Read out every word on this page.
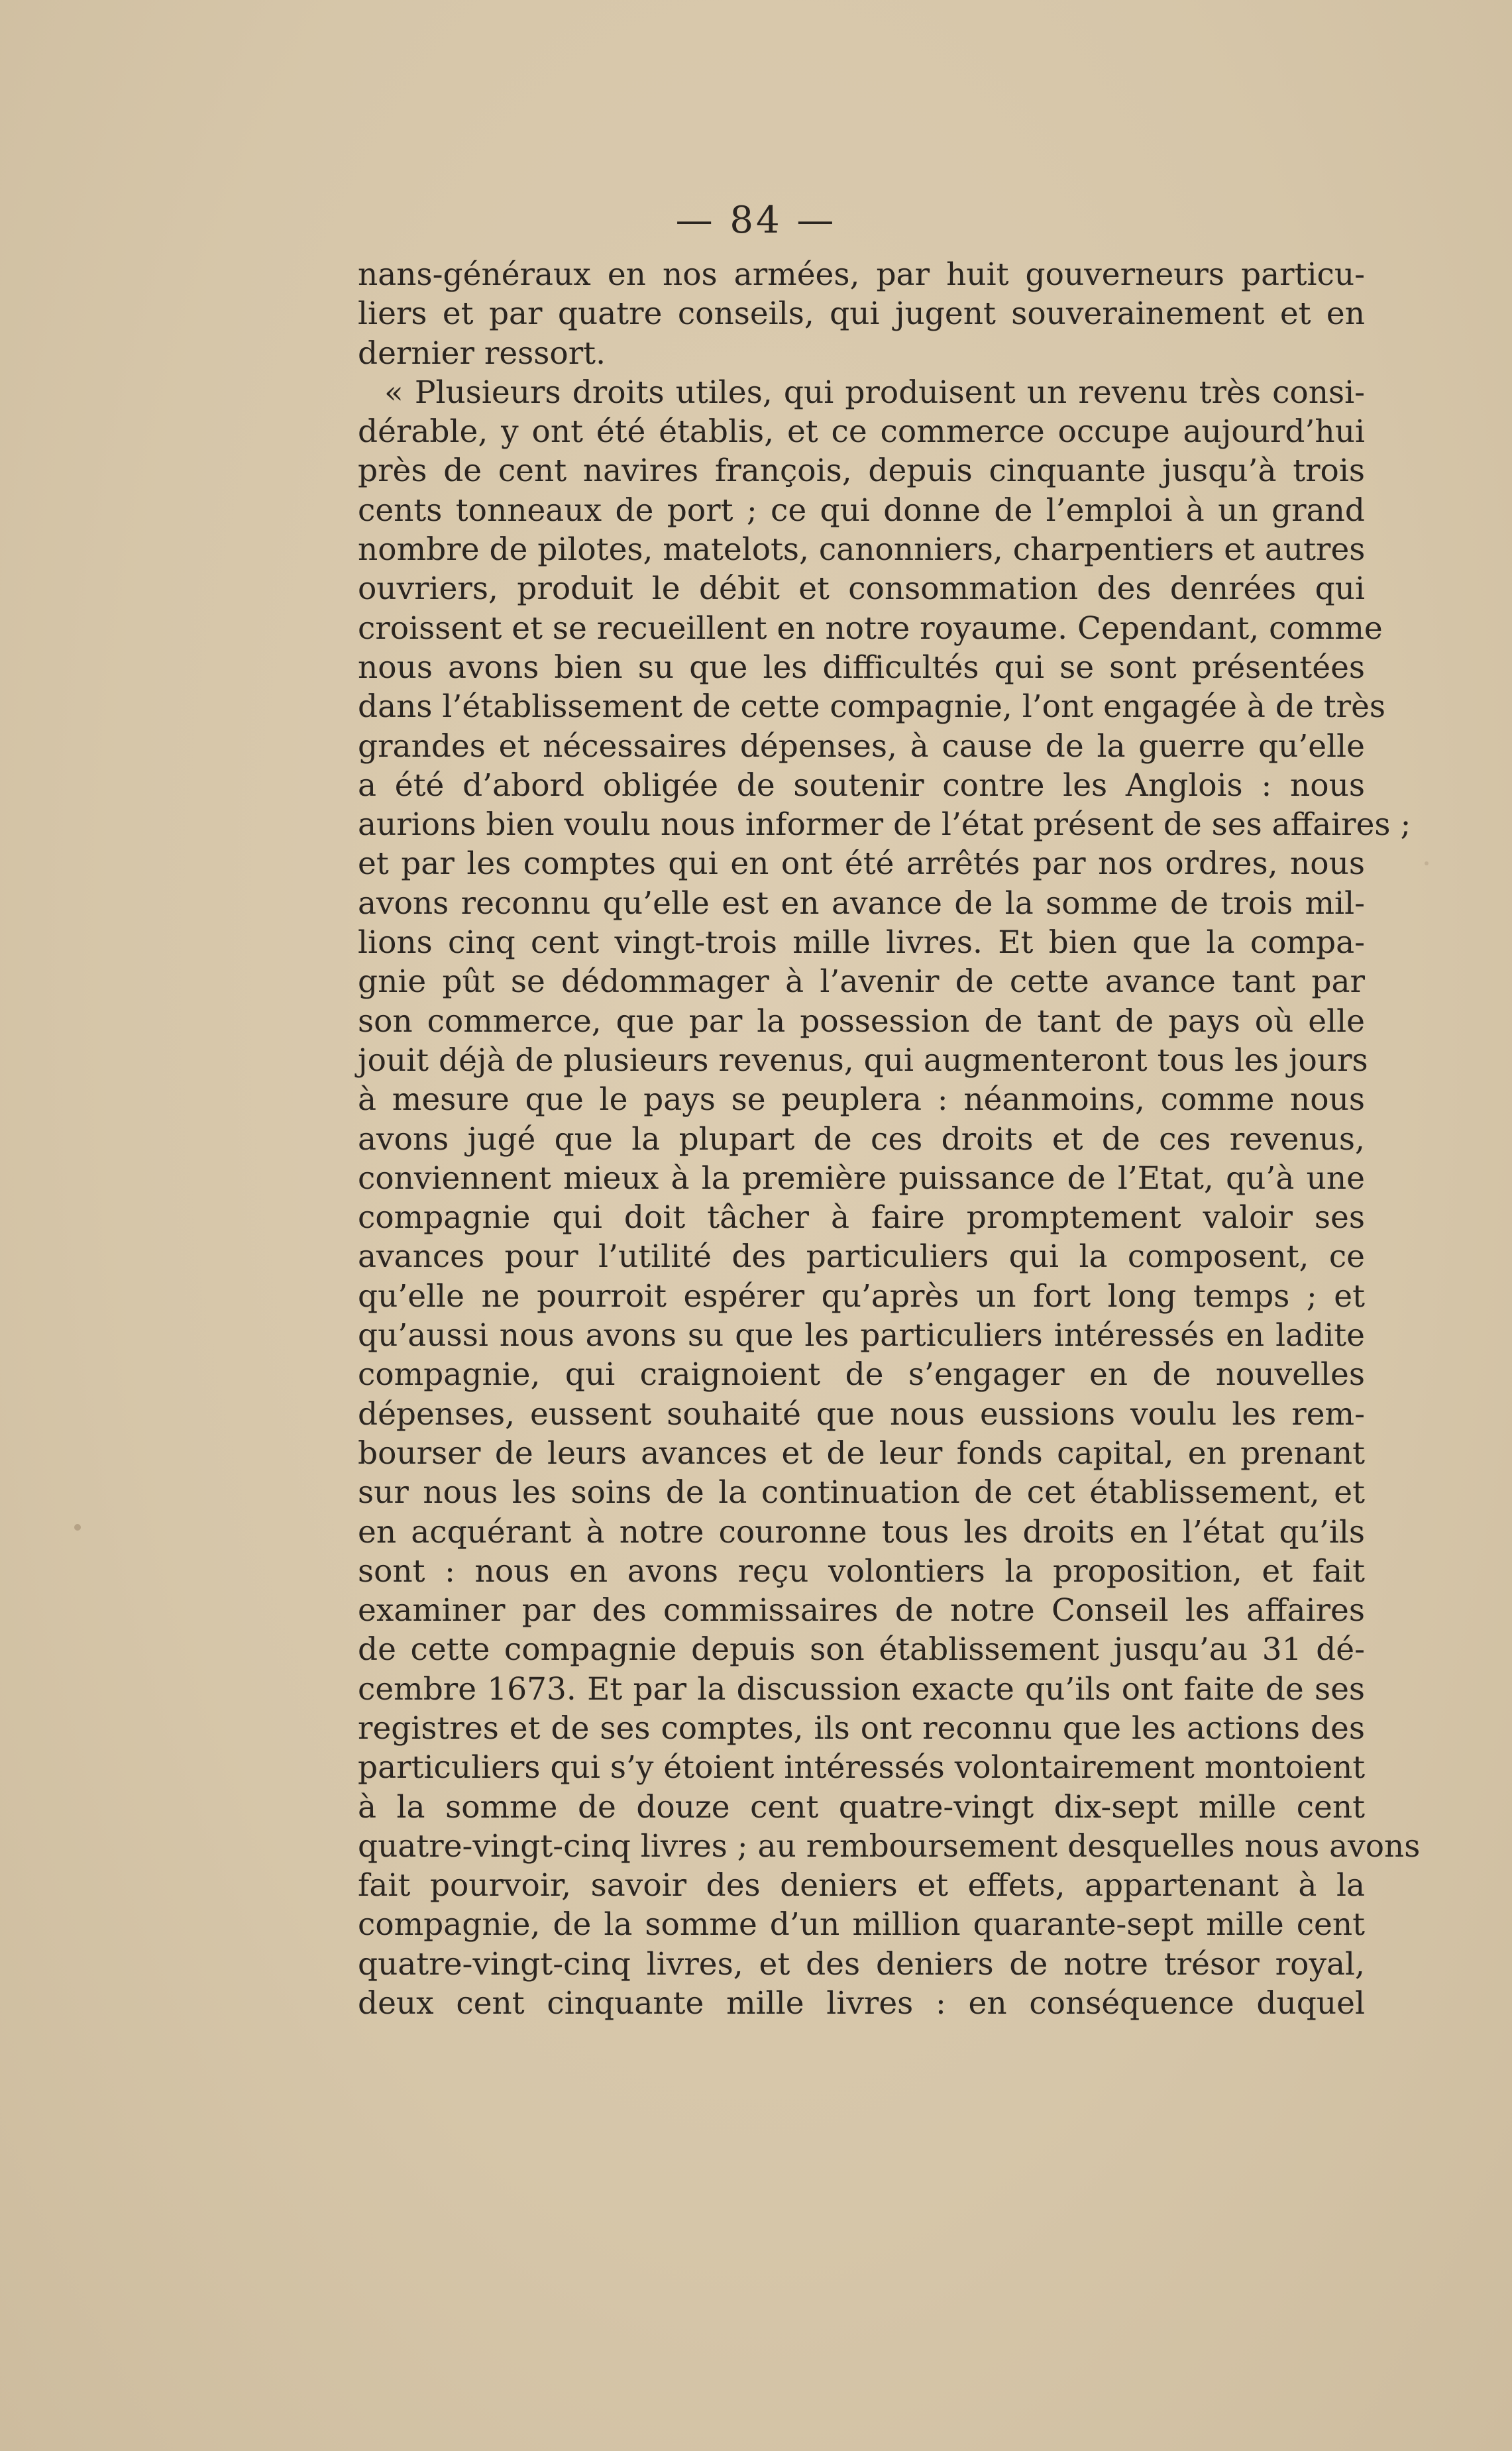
— 84 —
nans-généraux en nos armées, par huit gouverneurs particu-
liers et par quatre conseils, qui jugent souverainement et en
dernier ressort.
« Plusieurs droits utiles, qui produisent un revenu très consi-
dérable, y ont été établis, et ce commerce occupe aujourd’hui
près de cent navires françois, depuis cinquante jusqu’à trois
cents tonneaux de port ; ce qui donne de l’emploi à un grand
nombre de pilotes, matelots, canonniers, charpentiers et autres
ouvriers, produit le débit et consommation des denrées qui
croissent et se recueillent en notre royaume. Cependant, comme
nous avons bien su que les difficultés qui se sont présentées
dans l’établissement de cette compagnie, l’ont engagée à de très
grandes et nécessaires dépenses, à cause de la guerre qu’elle
a été d’abord obligée de soutenir contre les Anglois : nous
aurions bien voulu nous informer de l’état présent de ses affaires ;
et par les comptes qui en ont été arrêtés par nos ordres, nous
avons reconnu qu’elle est en avance de la somme de trois mil-
lions cinq cent vingt-trois mille livres. Et bien que la compa-
gnie pût se dédommager à l’avenir de cette avance tant par
son commerce, que par la possession de tant de pays où elle
jouit déjà de plusieurs revenus, qui augmenteront tous les jours
à mesure que le pays se peuplera : néanmoins, comme nous
avons jugé que la plupart de ces droits et de ces revenus,
conviennent mieux à la première puissance de l’Etat, qu’à une
compagnie qui doit tâcher à faire promptement valoir ses
avances pour l’utilité des particuliers qui la composent, ce
qu’elle ne pourroit espérer qu’après un fort long temps ; et
qu’aussi nous avons su que les particuliers intéressés en ladite
compagnie, qui craignoient de s’engager en de nouvelles
dépenses, eussent souhaité que nous eussions voulu les rem-
bourser de leurs avances et de leur fonds capital, en prenant
sur nous les soins de la continuation de cet établissement, et
en acquérant à notre couronne tous les droits en l’état qu’ils
sont : nous en avons reçu volontiers la proposition, et fait
examiner par des commissaires de notre Conseil les affaires
de cette compagnie depuis son établissement jusqu’au 31 dé-
cembre 1673. Et par la discussion exacte qu’ils ont faite de ses
registres et de ses comptes, ils ont reconnu que les actions des
particuliers qui s’y étoient intéressés volontairement montoient
à la somme de douze cent quatre-vingt dix-sept mille cent
quatre-vingt-cinq livres ; au remboursement desquelles nous avons
fait pourvoir, savoir des deniers et effets, appartenant à la
compagnie, de la somme d’un million quarante-sept mille cent
quatre-vingt-cinq livres, et des deniers de notre trésor royal,
deux cent cinquante mille livres : en conséquence duquel
